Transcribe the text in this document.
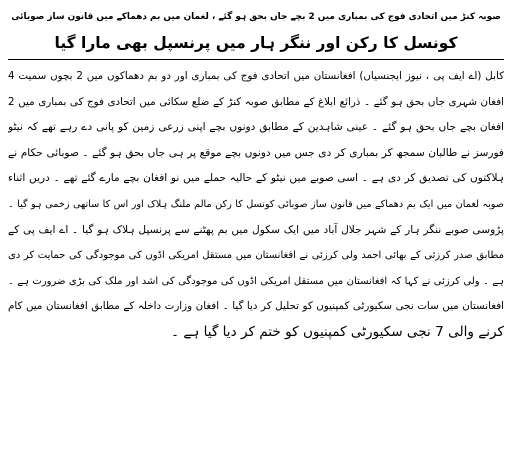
صوبہ کنڑ میں اتحادی فوج کی بمباری میں 2 بچے جاں بحق ہو گئے ، لغمان میں بم دھماکے میں قانون ساز صوبائی
کونسل کا رکن اور ننگر ہار میں پرنسپل بھی مارا گیا
کابل (اے ایف پی ، نیوز ایجنسیاں) افغانستان میں اتحادی فوج کی بمباری اور دو بم دھماکوں میں 2 بچوں سمیت 4
افغان شہری جاں بحق ہو گئے ۔ ذرائع ابلاغ کے مطابق صوبہ کنڑ کے ضلع سکائی میں اتحادی فوج کی بمباری میں 2
افغان بچے جاں بحق ہو گئے ۔ عینی شاہدین کے مطابق دونوں بچے اپنی زرعی زمین کو پانی دے رہے تھے کہ نیٹو
فورسز نے طالبان سمجھ کر بمباری کر دی جس میں دونوں بچے موقع پر ہی جاں بحق ہو گئے ۔ صوبائی حکام نے
ہلاکتوں کی تصدیق کر دی ہے ۔ اسی صوبے میں نیٹو کے حالیہ حملے میں نو افغان بچے مارے گئے تھے ۔ دریں اثناء
صوبہ لغمان میں ایک بم دھماکے میں قانون ساز صوبائی کونسل کا رکن مالم ملنگ ہلاک اور اس کا ساتھی زخمی ہو گیا ۔
پڑوسی صوبے ننگر ہار کے شہر جلال آباد میں ایک سکول میں بم پھٹنے سے پرنسپل ہلاک ہو گیا ۔ اے ایف پی کے
مطابق صدر کرزئی کے بھائی احمد ولی کرزئی نے افغانستان میں مستقل امریکی اڈوں کی موجودگی کی حمایت کر دی
ہے ۔ ولی کرزئی نے کہا کہ افغانستان میں مستقل امریکی اڈوں کی موجودگی کی اشد اور ملک کی بڑی ضرورت ہے ۔
افغانستان میں سات نجی سکیورٹی کمپنیوں کو تحلیل کر دیا گیا ۔ افغان وزارت داخلہ کے مطابق افغانستان میں کام
کرنے والی 7 نجی سکیورٹی کمپنیوں کو ختم کر دیا گیا ہے ۔
